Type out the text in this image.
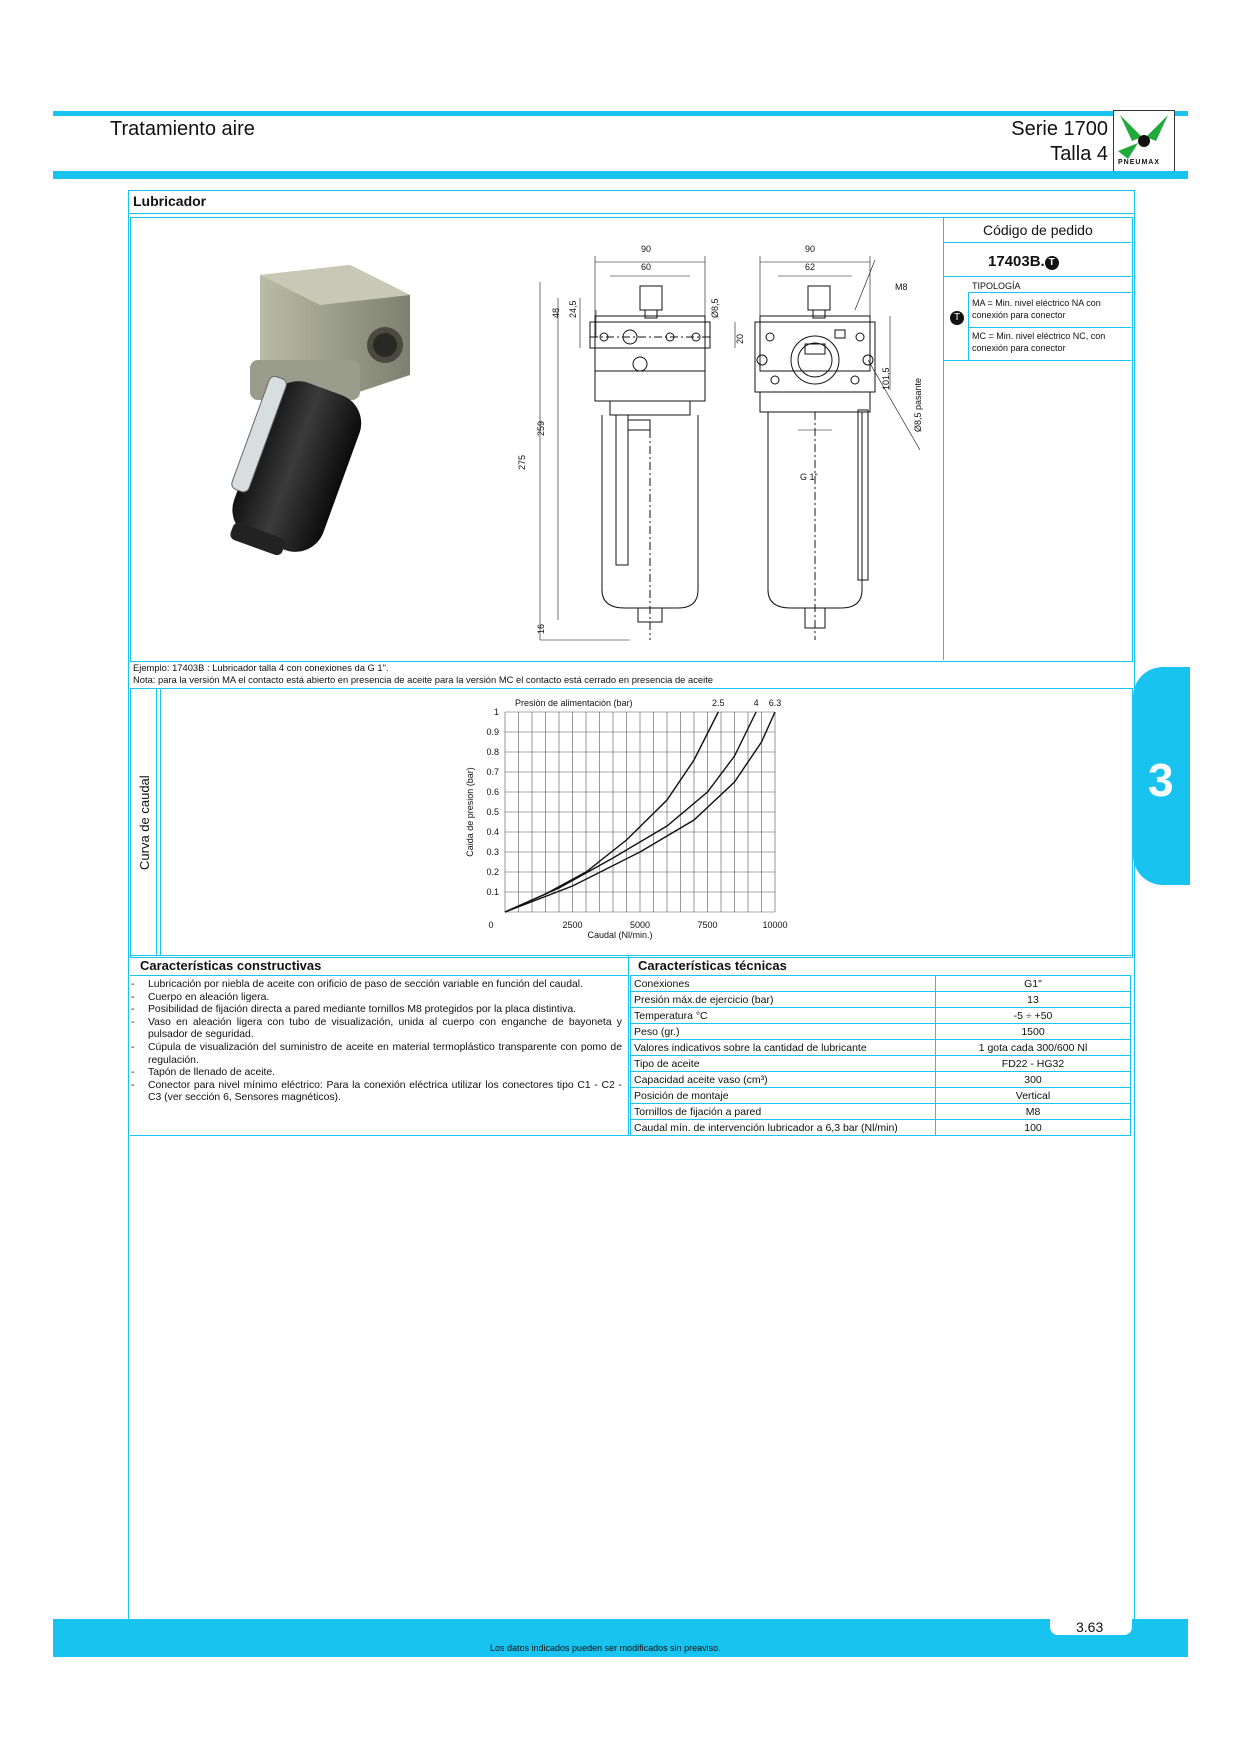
Tratamiento aire	Serie 1700
Talla 4 PNEUMAX
Lubricador
90
60
90
62
48 24,5
275
259
16
Ø8,5
20
M8
101,5 Ø8,5 pasante
G 1"
Código de pedido
17403B. T
TIPOLOGÍA
T
MA = Min. nivel eléctrico NA con conexión para conector
MC = Min. nivel eléctrico NC, con conexión para conector
Ejemplo: 17403B : Lubricador talla 4 con conexiones da G 1".
Nota: para la versión MA el contacto está abierto en presencia de aceite para la versión MC el contacto está cerrado en presencia de aceite
Curva de caudal
0.1
0.2
0.3
0.4
0.5
0.6
0.7
0.8
0.9
1
0	2500	5000	7500	10000
Caudal (Nl/min.)
Caida de presion (bar)
Presiòn de alimentaciòn (bar)	2.5	4 6.3
Características constructivas
- Lubricación por niebla de aceite con orificio de paso de sección variable en función del caudal.
- Cuerpo en aleación ligera.
- Posibilidad de fijación directa a pared mediante tornillos M8 protegidos por la placa distintiva.
- Vaso en aleación ligera con tubo de visualización, unida al cuerpo con enganche de bayoneta y pulsador de seguridad.
- Cúpula de visualización del suministro de aceite en material termoplástico transparente con pomo de regulación.
- Tapón de llenado de aceite.
- Conector para nivel mínimo eléctrico: Para la conexión eléctrica utilizar los conectores tipo C1 - C2 - C3 (ver sección 6, Sensores magnéticos).
Características técnicas
Conexiones	G1"
Presión máx.de ejercicio (bar)	13
Temperatura °C	-5 ÷ +50
Peso (gr.)	1500
Valores indicativos sobre la cantidad de lubricante	1 gota cada 300/600 Nl
Tipo de aceite	FD22 - HG32
Capacidad aceite vaso (cm³)	300
Posición de montaje	Vertical
Tornillos de fijación a pared	M8
Caudal mín. de intervención lubricador a 6,3 bar (Nl/min)	100
3
Los datos indicados pueden ser modificados sin preaviso.
3.63
